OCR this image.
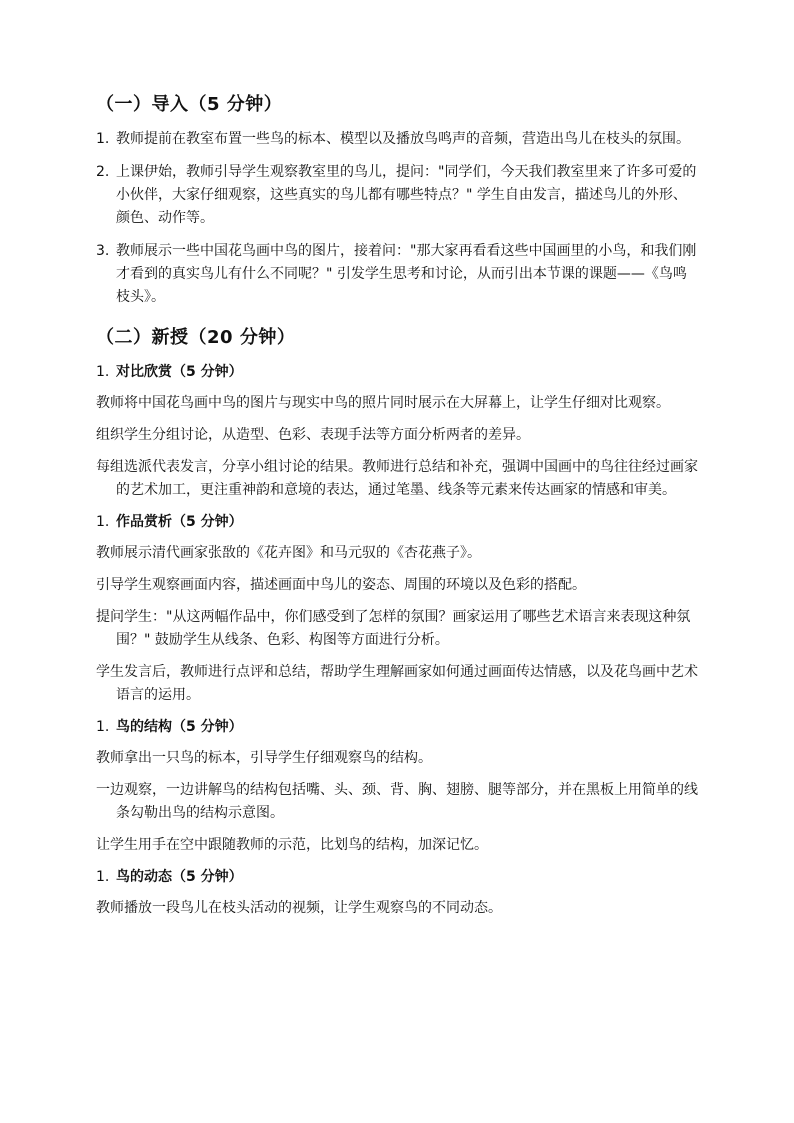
（一）导入（5 分钟）
1. 教师提前在教室布置一些鸟的标本、模型以及播放鸟鸣声的音频，营造出鸟儿在枝头的氛围。
2. 上课伊始，教师引导学生观察教室里的鸟儿，提问："同学们，今天我们教室里来了许多可爱的小伙伴，大家仔细观察，这些真实的鸟儿都有哪些特点？" 学生自由发言，描述鸟儿的外形、颜色、动作等。
3. 教师展示一些中国花鸟画中鸟的图片，接着问："那大家再看看这些中国画里的小鸟，和我们刚才看到的真实鸟儿有什么不同呢？" 引发学生思考和讨论，从而引出本节课的课题——《鸟鸣枝头》。
（二）新授（20 分钟）
1. 对比欣赏（5 分钟）
教师将中国花鸟画中鸟的图片与现实中鸟的照片同时展示在大屏幕上，让学生仔细对比观察。
组织学生分组讨论，从造型、色彩、表现手法等方面分析两者的差异。
每组选派代表发言，分享小组讨论的结果。教师进行总结和补充，强调中国画中的鸟往往经过画家的艺术加工，更注重神韵和意境的表达，通过笔墨、线条等元素来传达画家的情感和审美。
1. 作品赏析（5 分钟）
教师展示清代画家张敔的《花卉图》和马元驭的《杏花燕子》。
引导学生观察画面内容，描述画面中鸟儿的姿态、周围的环境以及色彩的搭配。
提问学生："从这两幅作品中，你们感受到了怎样的氛围？画家运用了哪些艺术语言来表现这种氛围？" 鼓励学生从线条、色彩、构图等方面进行分析。
学生发言后，教师进行点评和总结，帮助学生理解画家如何通过画面传达情感，以及花鸟画中艺术语言的运用。
1. 鸟的结构（5 分钟）
教师拿出一只鸟的标本，引导学生仔细观察鸟的结构。
一边观察，一边讲解鸟的结构包括嘴、头、颈、背、胸、翅膀、腿等部分，并在黑板上用简单的线条勾勒出鸟的结构示意图。
让学生用手在空中跟随教师的示范，比划鸟的结构，加深记忆。
1. 鸟的动态（5 分钟）
教师播放一段鸟儿在枝头活动的视频，让学生观察鸟的不同动态。
